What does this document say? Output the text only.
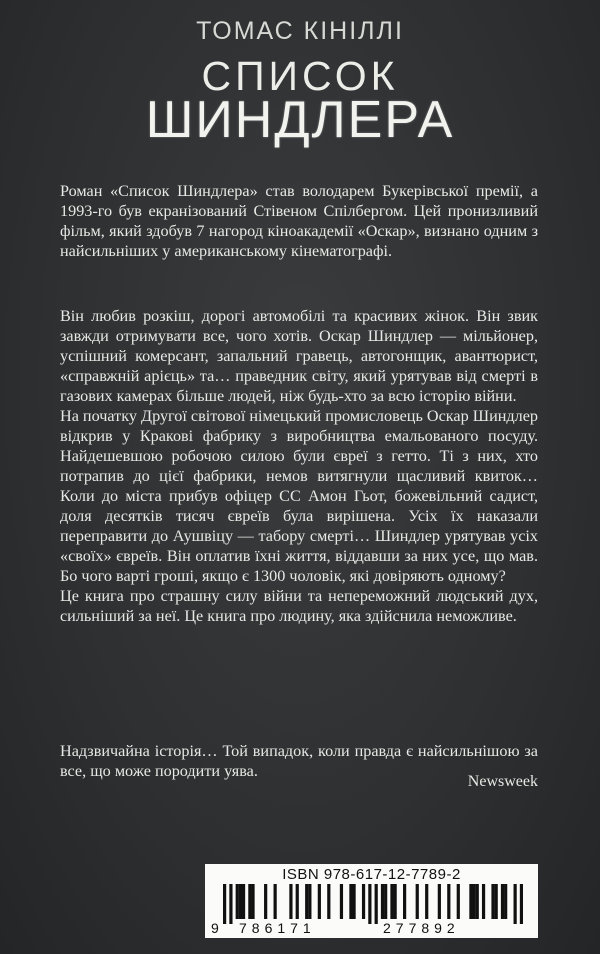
ТОМАС КІНІЛЛІ
СПИСОК
ШИНДЛЕРА

Роман «Список Шиндлера» став володарем Букерівської премії, а 1993-го був екранізований Стівеном Спілбергом. Цей пронизливий фільм, який здобув 7 нагород кіноакадемії «Оскар», визнано одним з найсильніших у американському кінематографі.

Він любив розкіш, дорогі автомобілі та красивих жінок. Він звик завжди отримувати все, чого хотів. Оскар Шиндлер — мільйонер, успішний комерсант, запальний гравець, автогонщик, авантюрист, «справжній арієць» та… праведник світу, який урятував від смерті в газових камерах більше людей, ніж будь-хто за всю історію війни.

На початку Другої світової німецький промисловець Оскар Шиндлер відкрив у Кракові фабрику з виробництва емальованого посуду. Найдешевшою робочою силою були євреї з гетто. Ті з них, хто потрапив до цієї фабрики, немов витягнули щасливий квиток… Коли до міста прибув офіцер СС Амон Гьот, божевільний садист, доля десятків тисяч євреїв була вирішена. Усіх їх наказали переправити до Аушвіцу — табору смерті… Шиндлер урятував усіх «своїх» євреїв. Він оплатив їхні життя, віддавши за них усе, що мав. Бо чого варті гроші, якщо є 1300 чоловік, які довіряють одному?

Це книга про страшну силу війни та непереможний людський дух, сильніший за неї. Це книга про людину, яка здійснила неможливе.

Надзвичайна історія… Той випадок, коли правда є найсильнішою за все, що може породити уява.

Newsweek
ISBN 978-617-12-7789-2
9 786171	277892
